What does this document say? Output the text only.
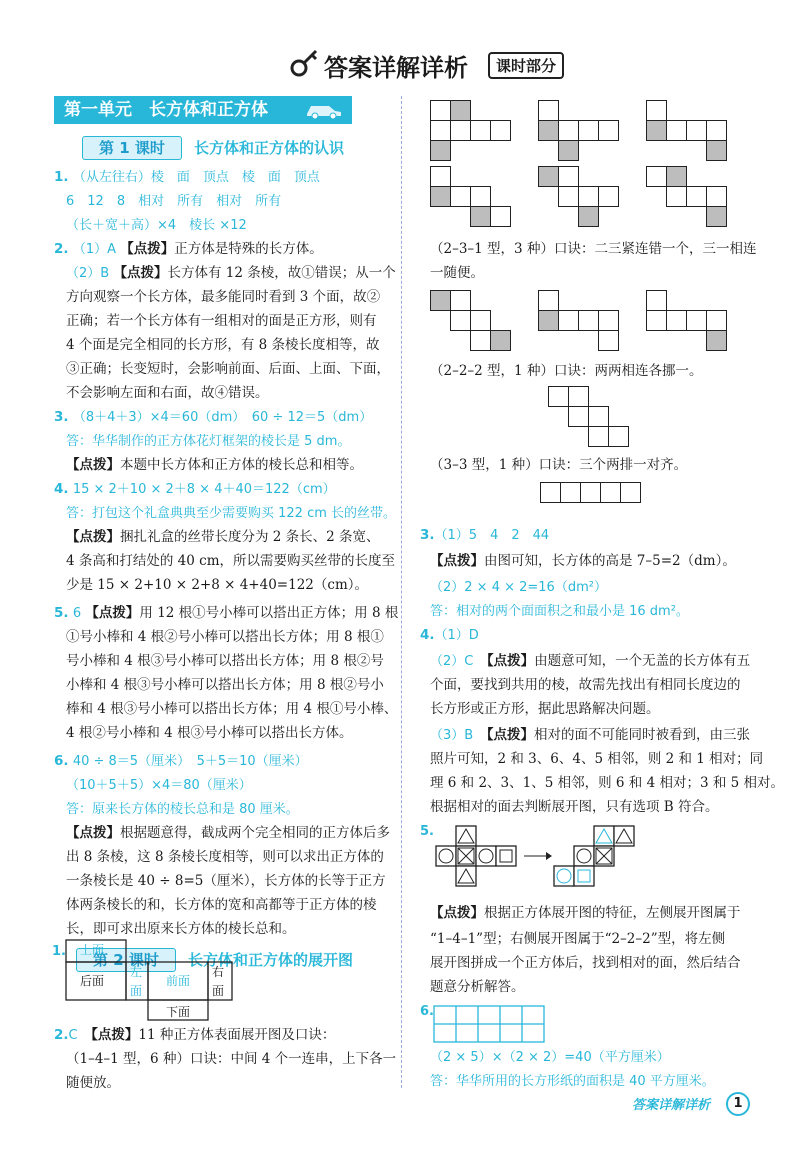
答案详解详析	课时部分
第一单元　长方体和正方体
第 1 课时	长方体和正方体的认识
1. （从左往右）棱　面　顶点　棱　面　顶点
6　12　8　相对　所有　相对　所有
（长＋宽＋高）×4　棱长 ×12
2. （1）A 【点拨】正方体是特殊的长方体。
（2）B 【点拨】长方体有 12 条棱，故①错误；从一个
方向观察一个长方体，最多能同时看到 3 个面，故②
正确；若一个长方体有一组相对的面是正方形，则有
4 个面是完全相同的长方形，有 8 条棱长度相等，故
③正确；长变短时，会影响前面、后面、上面、下面，
不会影响左面和右面，故④错误。
3. （8＋4＋3）×4＝60（dm）　60 ÷ 12＝5（dm）
答：华华制作的正方体花灯框架的棱长是 5 dm。
【点拨】本题中长方体和正方体的棱长总和相等。
4. 15 × 2＋10 × 2＋8 × 4＋40＝122（cm）
答：打包这个礼盒典典至少需要购买 122 cm 长的丝带。
【点拨】捆扎礼盒的丝带长度分为 2 条长、2 条宽、
4 条高和打结处的 40 cm，所以需要购买丝带的长度至
少是 15 × 2+10 × 2+8 × 4+40=122（cm）。
5. 6 【点拨】用 12 根①号小棒可以搭出正方体；用 8 根
①号小棒和 4 根②号小棒可以搭出长方体；用 8 根①
号小棒和 4 根③号小棒可以搭出长方体；用 8 根②号
小棒和 4 根③号小棒可以搭出长方体；用 8 根②号小
棒和 4 根③号小棒可以搭出长方体；用 4 根①号小棒、
4 根②号小棒和 4 根③号小棒可以搭出长方体。
6. 40 ÷ 8＝5（厘米）　5＋5＝10（厘米）
（10＋5＋5）×4＝80（厘米）
答：原来长方体的棱长总和是 80 厘米。
【点拨】根据题意得，截成两个完全相同的正方体后多
出 8 条棱，这 8 条棱长度相等，则可以求出正方体的
一条棱长是 40 ÷ 8=5（厘米），长方体的长等于正方
体两条棱长的和，长方体的宽和高都等于正方体的棱
长，即可求出原来长方体的棱长总和。
第 2 课时	长方体和正方体的展开图
1. 上面
后面
左
面
前面
右
面
下面
2.C　 【点拨】11 种正方体表面展开图及口诀：
（1–4–1 型，6 种）口诀：中间 4 个一连串，上下各一
随便放。
（2–3–1 型，3 种）口诀：二三紧连错一个，三一相连
一随便。
（2–2–2 型，1 种）口诀：两两相连各挪一。
（3–3 型，1 种）口诀：三个两排一对齐。
3.（1）5　4　2　44
【点拨】由图可知，长方体的高是 7–5=2（dm）。
（2）2 × 4 × 2=16（dm²）
答：相对的两个面面积之和最小是 16 dm²。
4.（1）D
（2）C　 【点拨】由题意可知，一个无盖的长方体有五
个面，要找到共用的棱，故需先找出有相同长度边的
长方形或正方形，据此思路解决问题。
（3）B　 【点拨】相对的面不可能同时被看到，由三张
照片可知，2 和 3、6、4、5 相邻，则 2 和 1 相对；同
理 6 和 2、3、1、5 相邻，则 6 和 4 相对；3 和 5 相对。
根据相对的面去判断展开图，只有选项 B 符合。
5.
【点拨】根据正方体展开图的特征，左侧展开图属于
“1–4–1”型；右侧展开图属于“2–2–2”型，将左侧
展开图拼成一个正方体后，找到相对的面，然后结合
题意分析解答。
6.
（2 × 5）×（2 × 2）=40（平方厘米）
答：华华所用的长方形纸的面积是 40 平方厘米。
答案详解详析	1
